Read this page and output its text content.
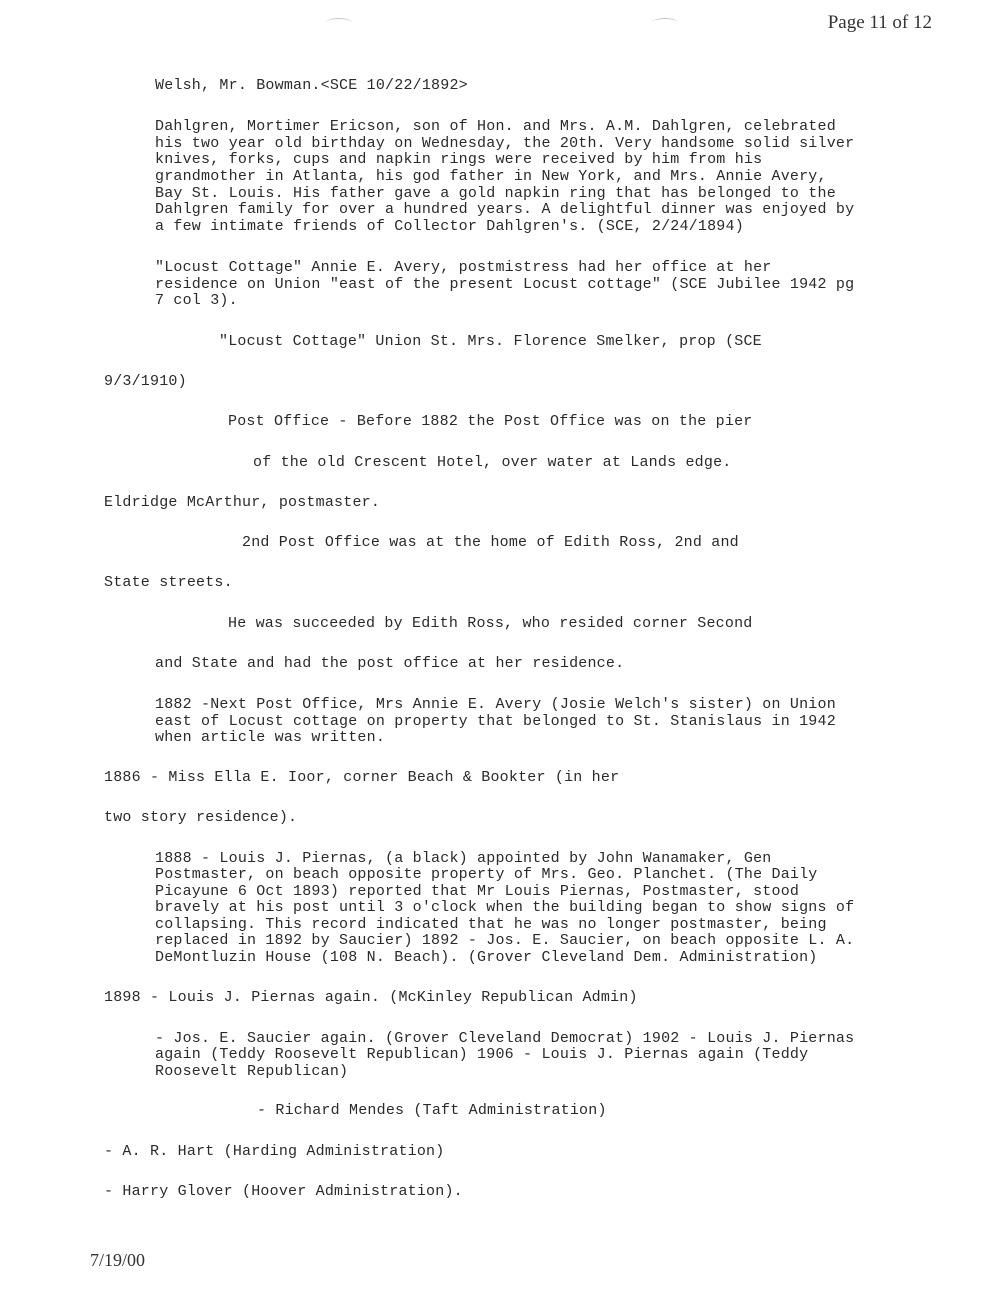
Page 11 of 12
Welsh, Mr. Bowman.<SCE 10/22/1892>
Dahlgren, Mortimer Ericson, son of Hon. and Mrs. A.M. Dahlgren, celebrated
his two year old birthday on Wednesday, the 20th. Very handsome solid silver
knives, forks, cups and napkin rings were received by him from his
grandmother in Atlanta, his god father in New York, and Mrs. Annie Avery,
Bay St. Louis. His father gave a gold napkin ring that has belonged to the
Dahlgren family for over a hundred years. A delightful dinner was enjoyed by
a few intimate friends of Collector Dahlgren's. (SCE, 2/24/1894)
"Locust Cottage" Annie E. Avery, postmistress had her office at her
residence on Union "east of the present Locust cottage" (SCE Jubilee 1942 pg
7 col 3).
"Locust Cottage" Union St. Mrs. Florence Smelker, prop (SCE
9/3/1910)
Post Office - Before 1882 the Post Office was on the pier
of the old Crescent Hotel, over water at Lands edge.
Eldridge McArthur, postmaster.
2nd Post Office was at the home of Edith Ross, 2nd and
State streets.
He was succeeded by Edith Ross, who resided corner Second
and State and had the post office at her residence.
1882 -Next Post Office, Mrs Annie E. Avery (Josie Welch's sister) on Union
east of Locust cottage on property that belonged to St. Stanislaus in 1942
when article was written.
1886 - Miss Ella E. Ioor, corner Beach & Bookter (in her
two story residence).
1888 - Louis J. Piernas, (a black) appointed by John Wanamaker, Gen
Postmaster, on beach opposite property of Mrs. Geo. Planchet. (The Daily
Picayune 6 Oct 1893) reported that Mr Louis Piernas, Postmaster, stood
bravely at his post until 3 o'clock when the building began to show signs of
collapsing. This record indicated that he was no longer postmaster, being
replaced in 1892 by Saucier) 1892 - Jos. E. Saucier, on beach opposite L. A.
DeMontluzin House (108 N. Beach). (Grover Cleveland Dem. Administration)
1898 - Louis J. Piernas again. (McKinley Republican Admin)
- Jos. E. Saucier again. (Grover Cleveland Democrat) 1902 - Louis J. Piernas
again (Teddy Roosevelt Republican) 1906 - Louis J. Piernas again (Teddy
Roosevelt Republican)
- Richard Mendes (Taft Administration)
- A. R. Hart (Harding Administration)
- Harry Glover (Hoover Administration).
7/19/00
